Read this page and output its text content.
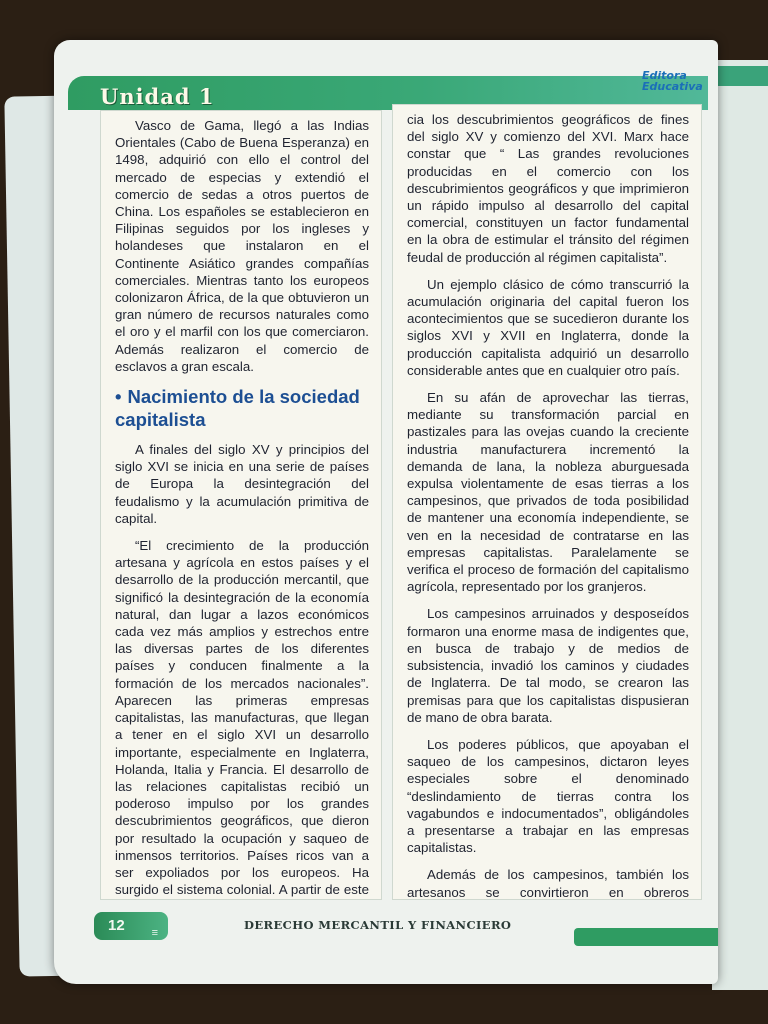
Unidad 1
Editora
Educativa

Vasco de Gama, llegó a las Indias Orientales (Cabo de Buena Esperanza) en 1498, adquirió con ello el control del mercado de especias y extendió el comercio de sedas a otros puertos de China. Los españoles se establecieron en Filipinas seguidos por los ingleses y holandeses que instalaron en el Continente Asiático grandes compañías comerciales. Mientras tanto los europeos colonizaron África, de la que obtuvieron un gran número de recursos naturales como el oro y el marfil con los que comerciaron. Además realizaron el comercio de esclavos a gran escala.

• Nacimiento de la sociedad capitalista

A finales del siglo XV y principios del siglo XVI se inicia en una serie de países de Europa la desintegración del feudalismo y la acumulación primitiva de capital.

“El crecimiento de la producción artesana y agrícola en estos países y el desarrollo de la producción mercantil, que significó la desintegración de la economía natural, dan lugar a lazos económicos cada vez más amplios y estrechos entre las diversas partes de los diferentes países y conducen finalmente a la formación de los mercados nacionales”. Aparecen las primeras empresas capitalistas, las manufacturas, que llegan a tener en el siglo XVI un desarrollo importante, especialmente en Inglaterra, Holanda, Italia y Francia. El desarrollo de las relaciones capitalistas recibió un poderoso impulso por los grandes descubrimientos geográficos, que dieron por resultado la ocupación y saqueo de inmensos territorios. Países ricos van a ser expoliados por los europeos. Ha surgido el sistema colonial. A partir de este

cia los descubrimientos geográficos de fines del siglo XV y comienzo del XVI. Marx hace constar que “ Las grandes revoluciones producidas en el comercio con los descubrimientos geográficos y que imprimieron un rápido impulso al desarrollo del capital comercial, constituyen un factor fundamental en la obra de estimular el tránsito del régimen feudal de producción al régimen capitalista”.

Un ejemplo clásico de cómo transcurrió la acumulación originaria del capital fueron los acontecimientos que se sucedieron durante los siglos XVI y XVII en Inglaterra, donde la producción capitalista adquirió un desarrollo considerable antes que en cualquier otro país.

En su afán de aprovechar las tierras, mediante su transformación parcial en pastizales para las ovejas cuando la creciente industria manufacturera incrementó la demanda de lana, la nobleza aburguesada expulsa violentamente de esas tierras a los campesinos, que privados de toda posibilidad de mantener una economía independiente, se ven en la necesidad de contratarse en las empresas capitalistas. Paralelamente se verifica el proceso de formación del capitalismo agrícola, representado por los granjeros.

Los campesinos arruinados y desposeídos formaron una enorme masa de indigentes que, en busca de trabajo y de medios de subsistencia, invadió los caminos y ciudades de Inglaterra. De tal modo, se crearon las premisas para que los capitalistas dispusieran de mano de obra barata.

Los poderes públicos, que apoyaban el saqueo de los campesinos, dictaron leyes especiales sobre el denominado “deslindamiento de tierras contra los vagabundos e indocumentados”, obligándoles a presentarse a trabajar en las empresas capitalistas.

Además de los campesinos, también los artesanos se convirtieron en obreros

12 ≡
DERECHO MERCANTIL Y FINANCIERO
